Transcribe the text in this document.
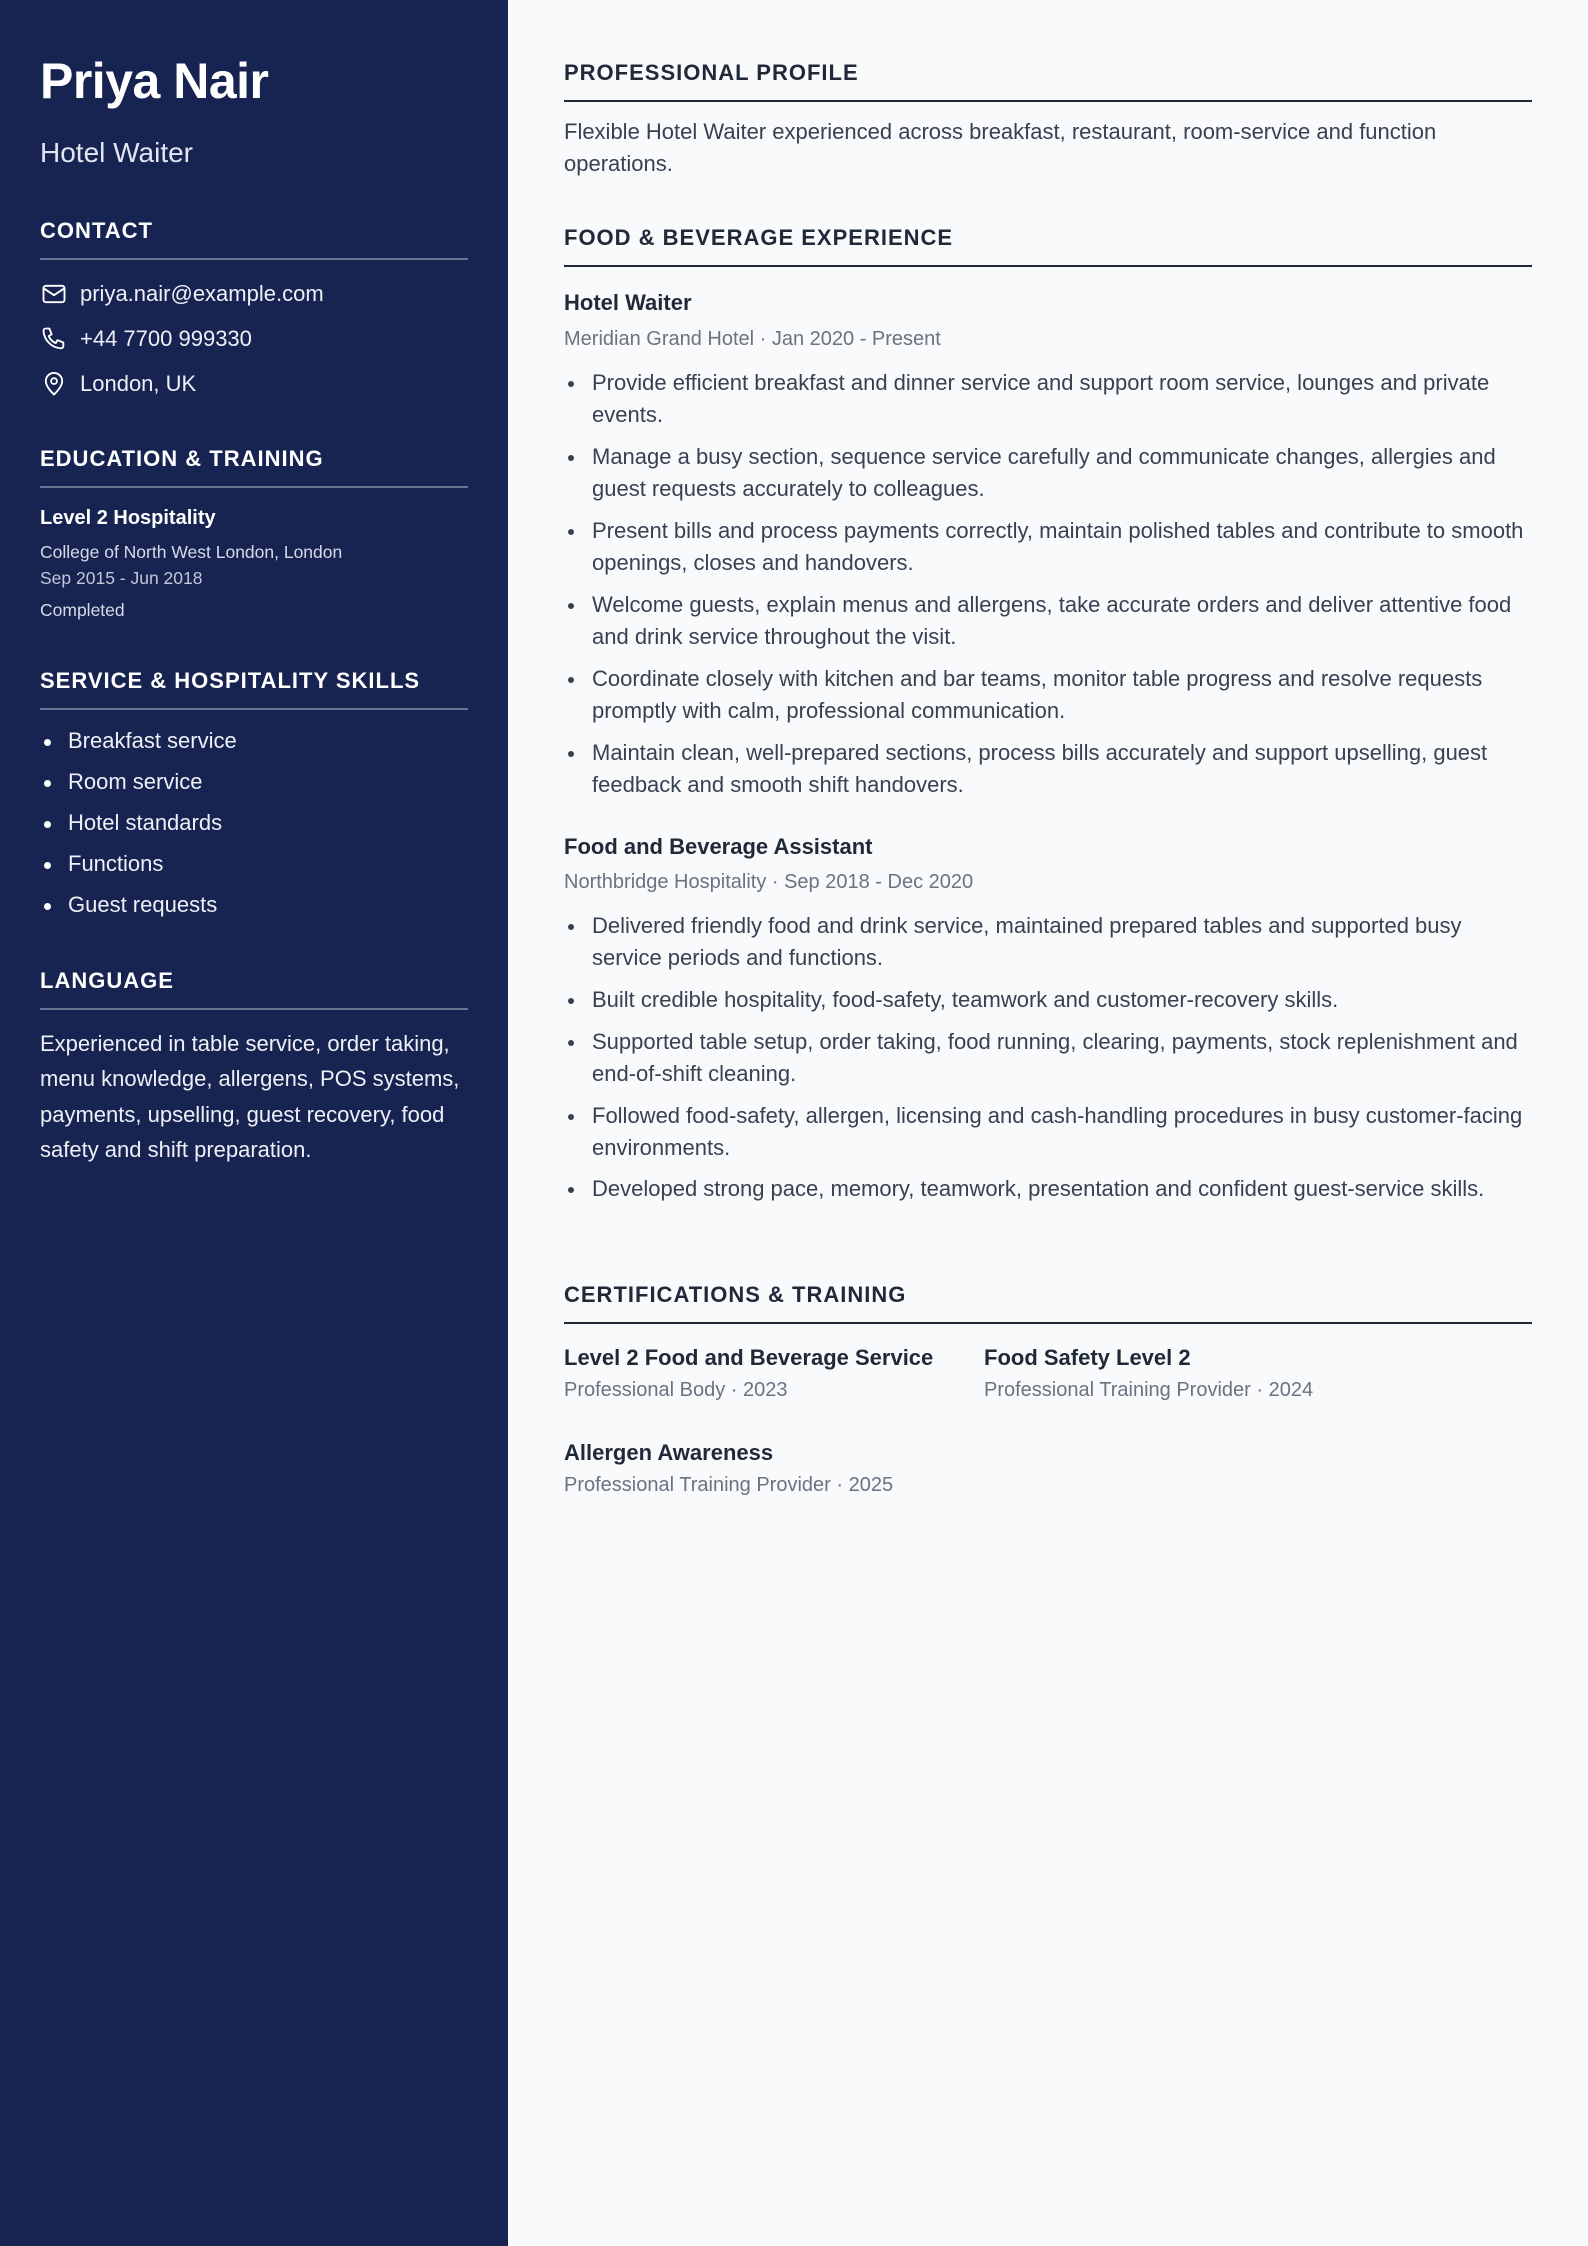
Priya Nair
Hotel Waiter
CONTACT
priya.nair@example.com
+44 7700 999330
London, UK
EDUCATION & TRAINING
Level 2 Hospitality
College of North West London, London
Sep 2015 - Jun 2018
Completed
SERVICE & HOSPITALITY SKILLS
Breakfast service
Room service
Hotel standards
Functions
Guest requests
LANGUAGE

Experienced in table service, order taking, menu knowledge, allergens, POS systems, payments, upselling, guest recovery, food safety and shift preparation.

PROFESSIONAL PROFILE

Flexible Hotel Waiter experienced across breakfast, restaurant, room-service and function operations.

FOOD & BEVERAGE EXPERIENCE
Hotel Waiter
Meridian Grand Hotel · Jan 2020 - Present
Provide efficient breakfast and dinner service and support room service, lounges and private events.
Manage a busy section, sequence service carefully and communicate changes, allergies and guest requests accurately to colleagues.
Present bills and process payments correctly, maintain polished tables and contribute to smooth openings, closes and handovers.
Welcome guests, explain menus and allergens, take accurate orders and deliver attentive food and drink service throughout the visit.
Coordinate closely with kitchen and bar teams, monitor table progress and resolve requests promptly with calm, professional communication.
Maintain clean, well-prepared sections, process bills accurately and support upselling, guest feedback and smooth shift handovers.
Food and Beverage Assistant
Northbridge Hospitality · Sep 2018 - Dec 2020
Delivered friendly food and drink service, maintained prepared tables and supported busy service periods and functions.
Built credible hospitality, food-safety, teamwork and customer-recovery skills.
Supported table setup, order taking, food running, clearing, payments, stock replenishment and end-of-shift cleaning.
Followed food-safety, allergen, licensing and cash-handling procedures in busy customer-facing environments.
Developed strong pace, memory, teamwork, presentation and confident guest-service skills.
CERTIFICATIONS & TRAINING
Level 2 Food and Beverage Service
Professional Body · 2023
Food Safety Level 2
Professional Training Provider · 2024
Allergen Awareness
Professional Training Provider · 2025
